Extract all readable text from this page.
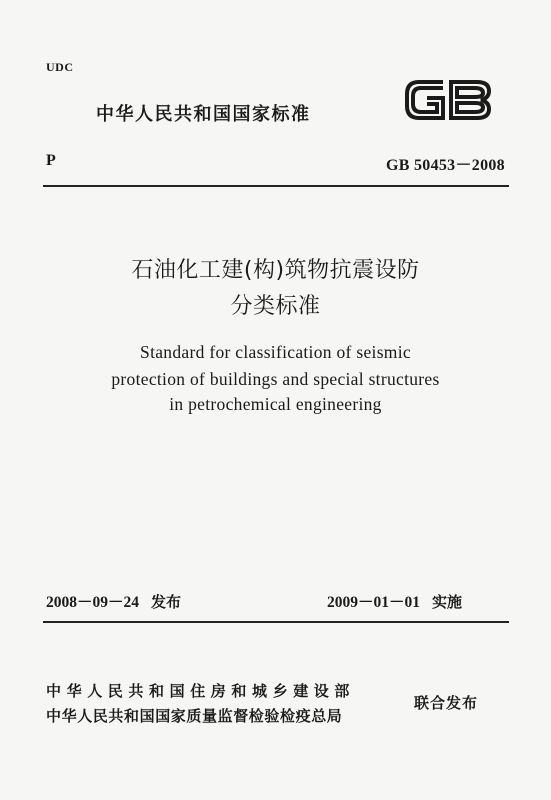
UDC
中华人民共和国国家标准
P	GB 50453－2008
石油化工建(构)筑物抗震设防
分类标准
Standard for classification of seismic
protection of buildings and special structures
in petrochemical engineering
2008－09－24 发布	2009－01－01 实施
中华人民共和国住房和城乡建设部
中华人民共和国国家质量监督检验检疫总局
联合发布
